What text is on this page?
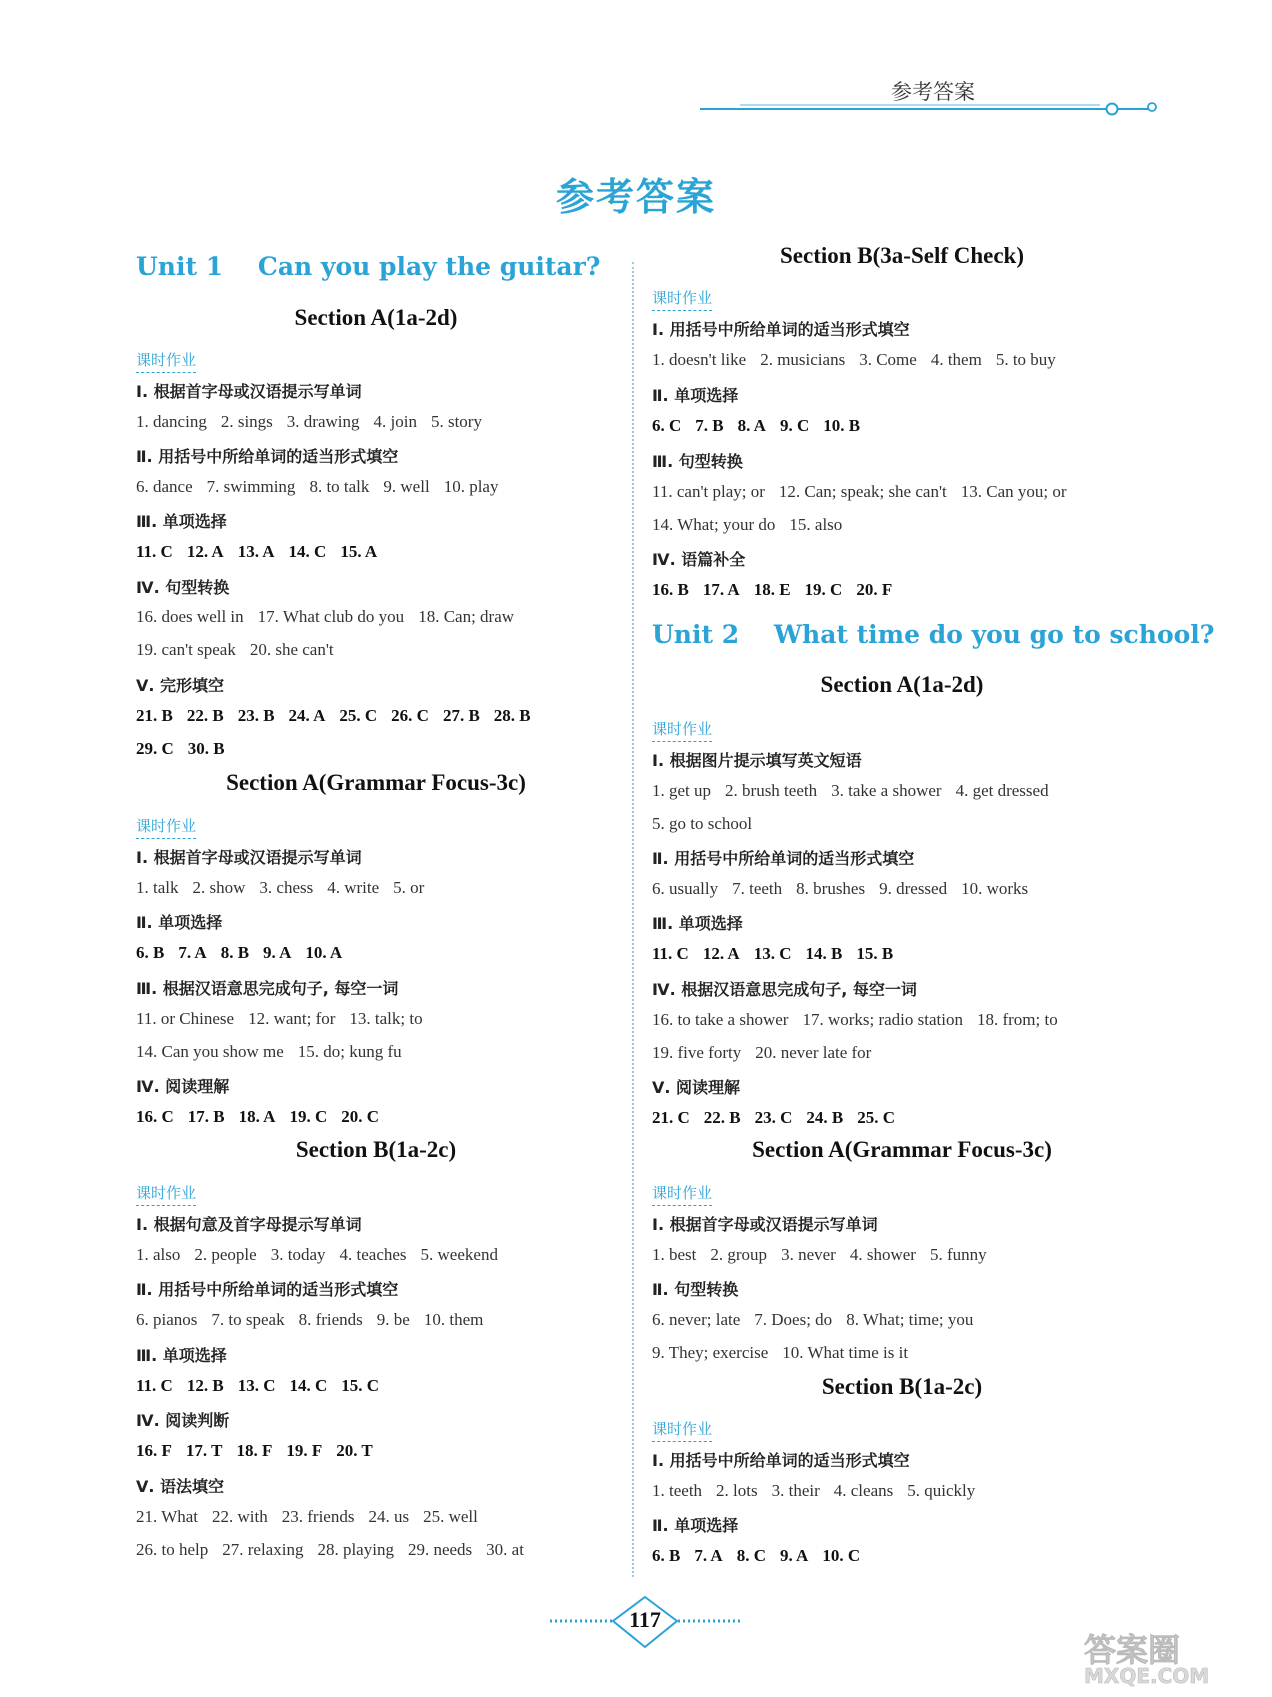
参考答案
参考答案
Unit 1    Can you play the guitar?
Section A(1a-2d)
课时作业
Ⅰ. 根据首字母或汉语提示写单词
1. dancing 2. sings 3. drawing 4. join 5. story
Ⅱ. 用括号中所给单词的适当形式填空
6. dance 7. swimming 8. to talk 9. well 10. play
Ⅲ. 单项选择
11. C 12. A 13. A 14. C 15. A
Ⅳ. 句型转换
16. does well in 17. What club do you 18. Can; draw
19. can't speak 20. she can't
Ⅴ. 完形填空
21. B 22. B 23. B 24. A 25. C 26. C 27. B 28. B
29. C 30. B
Section A(Grammar Focus-3c)
课时作业
Ⅰ. 根据首字母或汉语提示写单词
1. talk 2. show 3. chess 4. write 5. or
Ⅱ. 单项选择
6. B 7. A 8. B 9. A 10. A
Ⅲ. 根据汉语意思完成句子, 每空一词
11. or Chinese 12. want; for 13. talk; to
14. Can you show me 15. do; kung fu
Ⅳ. 阅读理解
16. C 17. B 18. A 19. C 20. C
Section B(1a-2c)
课时作业
Ⅰ. 根据句意及首字母提示写单词
1. also 2. people 3. today 4. teaches 5. weekend
Ⅱ. 用括号中所给单词的适当形式填空
6. pianos 7. to speak 8. friends 9. be 10. them
Ⅲ. 单项选择
11. C 12. B 13. C 14. C 15. C
Ⅳ. 阅读判断
16. F 17. T 18. F 19. F 20. T
Ⅴ. 语法填空
21. What 22. with 23. friends 24. us 25. well
26. to help 27. relaxing 28. playing 29. needs 30. at
Section B(3a-Self Check)
课时作业
Ⅰ. 用括号中所给单词的适当形式填空
1. doesn't like 2. musicians 3. Come 4. them 5. to buy
Ⅱ. 单项选择
6. C 7. B 8. A 9. C 10. B
Ⅲ. 句型转换
11. can't play; or 12. Can; speak; she can't 13. Can you; or
14. What; your do 15. also
Ⅳ. 语篇补全
16. B 17. A 18. E 19. C 20. F
Unit 2    What time do you go to school?
Section A(1a-2d)
课时作业
Ⅰ. 根据图片提示填写英文短语
1. get up 2. brush teeth 3. take a shower 4. get dressed
5. go to school
Ⅱ. 用括号中所给单词的适当形式填空
6. usually 7. teeth 8. brushes 9. dressed 10. works
Ⅲ. 单项选择
11. C 12. A 13. C 14. B 15. B
Ⅳ. 根据汉语意思完成句子, 每空一词
16. to take a shower 17. works; radio station 18. from; to
19. five forty 20. never late for
Ⅴ. 阅读理解
21. C 22. B 23. C 24. B 25. C
Section A(Grammar Focus-3c)
课时作业
Ⅰ. 根据首字母或汉语提示写单词
1. best 2. group 3. never 4. shower 5. funny
Ⅱ. 句型转换
6. never; late 7. Does; do 8. What; time; you
9. They; exercise 10. What time is it
Section B(1a-2c)
课时作业
Ⅰ. 用括号中所给单词的适当形式填空
1. teeth 2. lots 3. their 4. cleans 5. quickly
Ⅱ. 单项选择
6. B 7. A 8. C 9. A 10. C
117
答案圈
MXQE.COM
